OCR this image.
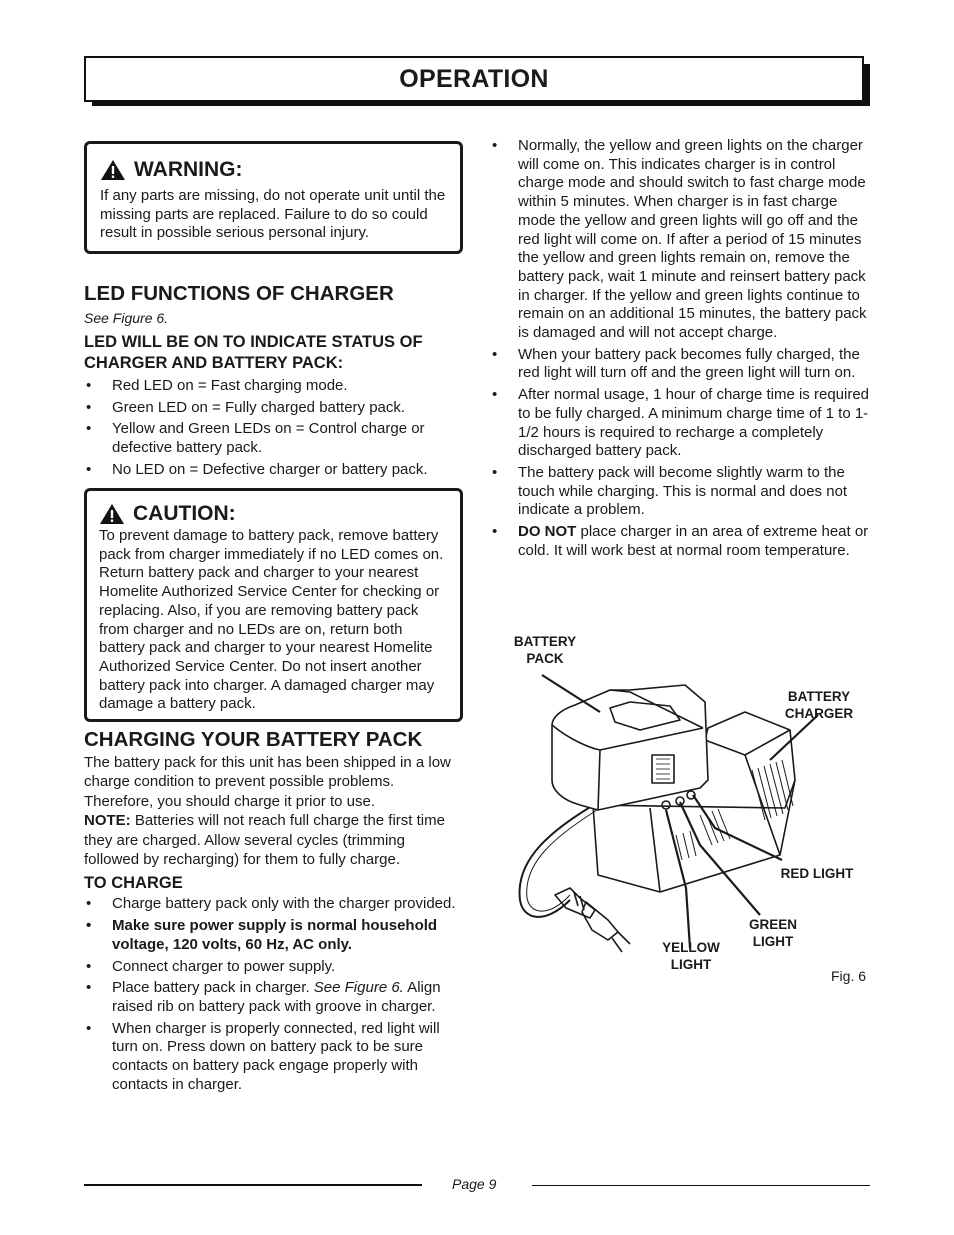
OPERATION
WARNING:
If any parts are missing, do not operate unit until the missing parts are replaced. Failure to do so could result in possible serious personal injury.
LED FUNCTIONS OF CHARGER
See Figure 6.
LED WILL BE ON TO INDICATE STATUS OF CHARGER AND BATTERY PACK:
• Red LED on = Fast charging mode.
• Green LED on = Fully charged battery pack.
• Yellow and Green LEDs on = Control charge or defective battery pack.
• No LED on = Defective charger or battery pack.
CAUTION:
To prevent damage to battery pack, remove battery pack from charger immediately if no LED comes on. Return battery pack and charger to your nearest Homelite Authorized Service Center for checking or replacing. Also, if you are removing battery pack from charger and no LEDs are on, return both battery pack and charger to your nearest Homelite Authorized Service Center. Do not insert another battery pack into charger. A damaged charger may damage a battery pack.
CHARGING YOUR BATTERY PACK
The battery pack for this unit has been shipped in a low charge condition to prevent possible problems. Therefore, you should charge it prior to use.
NOTE: Batteries will not reach full charge the first time they are charged. Allow several cycles (trimming followed by recharging) for them to fully charge.
TO CHARGE
• Charge battery pack only with the charger provided.
• Make sure power supply is normal household voltage, 120 volts, 60 Hz, AC only.
• Connect charger to power supply.
• Place battery pack in charger. See Figure 6. Align raised rib on battery pack with groove in charger.
• When charger is properly connected, red light will turn on. Press down on battery pack to be sure contacts on battery pack engage properly with contacts in charger.
• Normally, the yellow and green lights on the charger will come on. This indicates charger is in control charge mode and should switch to fast charge mode within 5 minutes. When charger is in fast charge mode the yellow and green lights will go off and the red light will come on. If after a period of 15 minutes the yellow and green lights remain on, remove the battery pack, wait 1 minute and reinsert battery pack in charger. If the yellow and green lights continue to remain on an additional 15 minutes, the battery pack is damaged and will not accept charge.
• When your battery pack becomes fully charged, the red light will turn off and the green light will turn on.
• After normal usage, 1 hour of charge time is required to be fully charged. A minimum charge time of 1 to 1-1/2 hours is required to recharge a completely discharged battery pack.
• The battery pack will become slightly warm to the touch while charging. This is normal and does not indicate a problem.
• DO NOT place charger in an area of extreme heat or cold. It will work best at normal room temperature.
BATTERY
PACK
BATTERY
CHARGER
RED LIGHT
GREEN
LIGHT
YELLOW
LIGHT
Fig. 6
Page 9
